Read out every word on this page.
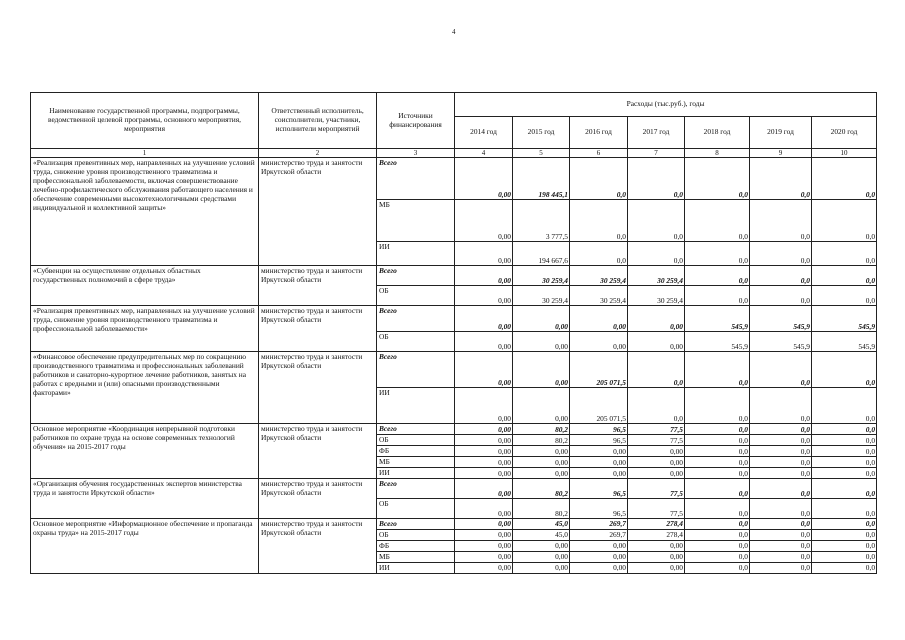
4
Наименование государственной программы, подпрограммы, ведомственной целевой программы, основного мероприятия, мероприятия	Ответственный исполнитель, соисполнители, участники, исполнители мероприятий	Источники финансирования	Расходы (тыс.руб.), годы						
			2014 год	2015 год	2016 год	2017 год	2018 год	2019 год	2020 год
1	2	3	4	5	6	7	8	9	10
«Реализация превентивных мер, направленных на улучшение условий труда, снижение уровня производственного травматизма и профессиональной заболеваемости, включая совершенствование лечебно-профилактического обслуживания работающего населения и обеспечение современными высокотехнологичными средствами индивидуальной и коллективной защиты»	министерство труда и занятости Иркутской области	Всего	0,00	198 445,1	0,0	0,0	0,0	0,0	0,0
		МБ	0,00	3 777,5	0,0	0,0	0,0	0,0	0,0
		ИИ	0,00	194 667,6	0,0	0,0	0,0	0,0	0,0
«Субвенции на осуществление отдельных областных государственных полномочий в сфере труда»	министерство труда и занятости Иркутской области	Всего	0,00	30 259,4	30 259,4	30 259,4	0,0	0,0	0,0
		ОБ	0,00	30 259,4	30 259,4	30 259,4	0,0	0,0	0,0
«Реализация превентивных мер, направленных на улучшение условий труда, снижение уровня производственного травматизма и профессиональной заболеваемости»	министерство труда и занятости Иркутской области	Всего	0,00	0,00	0,00	0,00	545,9	545,9	545,9
		ОБ	0,00	0,00	0,00	0,00	545,9	545,9	545,9
«Финансовое обеспечение предупредительных мер по сокращению производственного травматизма и профессиональных заболеваний работников и санаторно-курортное лечение работников, занятых на работах с вредными и (или) опасными производственными факторами»	министерство труда и занятости Иркутской области	Всего	0,00	0,00	205 071,5	0,0	0,0	0,0	0,0
		ИИ	0,00	0,00	205 071,5	0,0	0,0	0,0	0,0
Основное мероприятие «Координация непрерывной подготовки работников по охране труда на основе современных технологий обучения» на 2015-2017 годы	министерство труда и занятости Иркутской области	Всего	0,00	80,2	96,5	77,5	0,0	0,0	0,0
		ОБ	0,00	80,2	96,5	77,5	0,0	0,0	0,0
		ФБ	0,00	0,00	0,00	0,00	0,0	0,0	0,0
		МБ	0,00	0,00	0,00	0,00	0,0	0,0	0,0
		ИИ	0,00	0,00	0,00	0,00	0,0	0,0	0,0
«Организация обучения государственных экспертов министерства труда и занятости Иркутской области»	министерство труда и занятости Иркутской области	Всего	0,00	80,2	96,5	77,5	0,0	0,0	0,0
		ОБ	0,00	80,2	96,5	77,5	0,0	0,0	0,0
Основное мероприятие «Информационное обеспечение и пропаганда охраны труда» на 2015-2017 годы	министерство труда и занятости Иркутской области	Всего	0,00	45,0	269,7	278,4	0,0	0,0	0,0
		ОБ	0,00	45,0	269,7	278,4	0,0	0,0	0,0
		ФБ	0,00	0,00	0,00	0,00	0,0	0,0	0,0
		МБ	0,00	0,00	0,00	0,00	0,0	0,0	0,0
		ИИ	0,00	0,00	0,00	0,00	0,0	0,0	0,0
